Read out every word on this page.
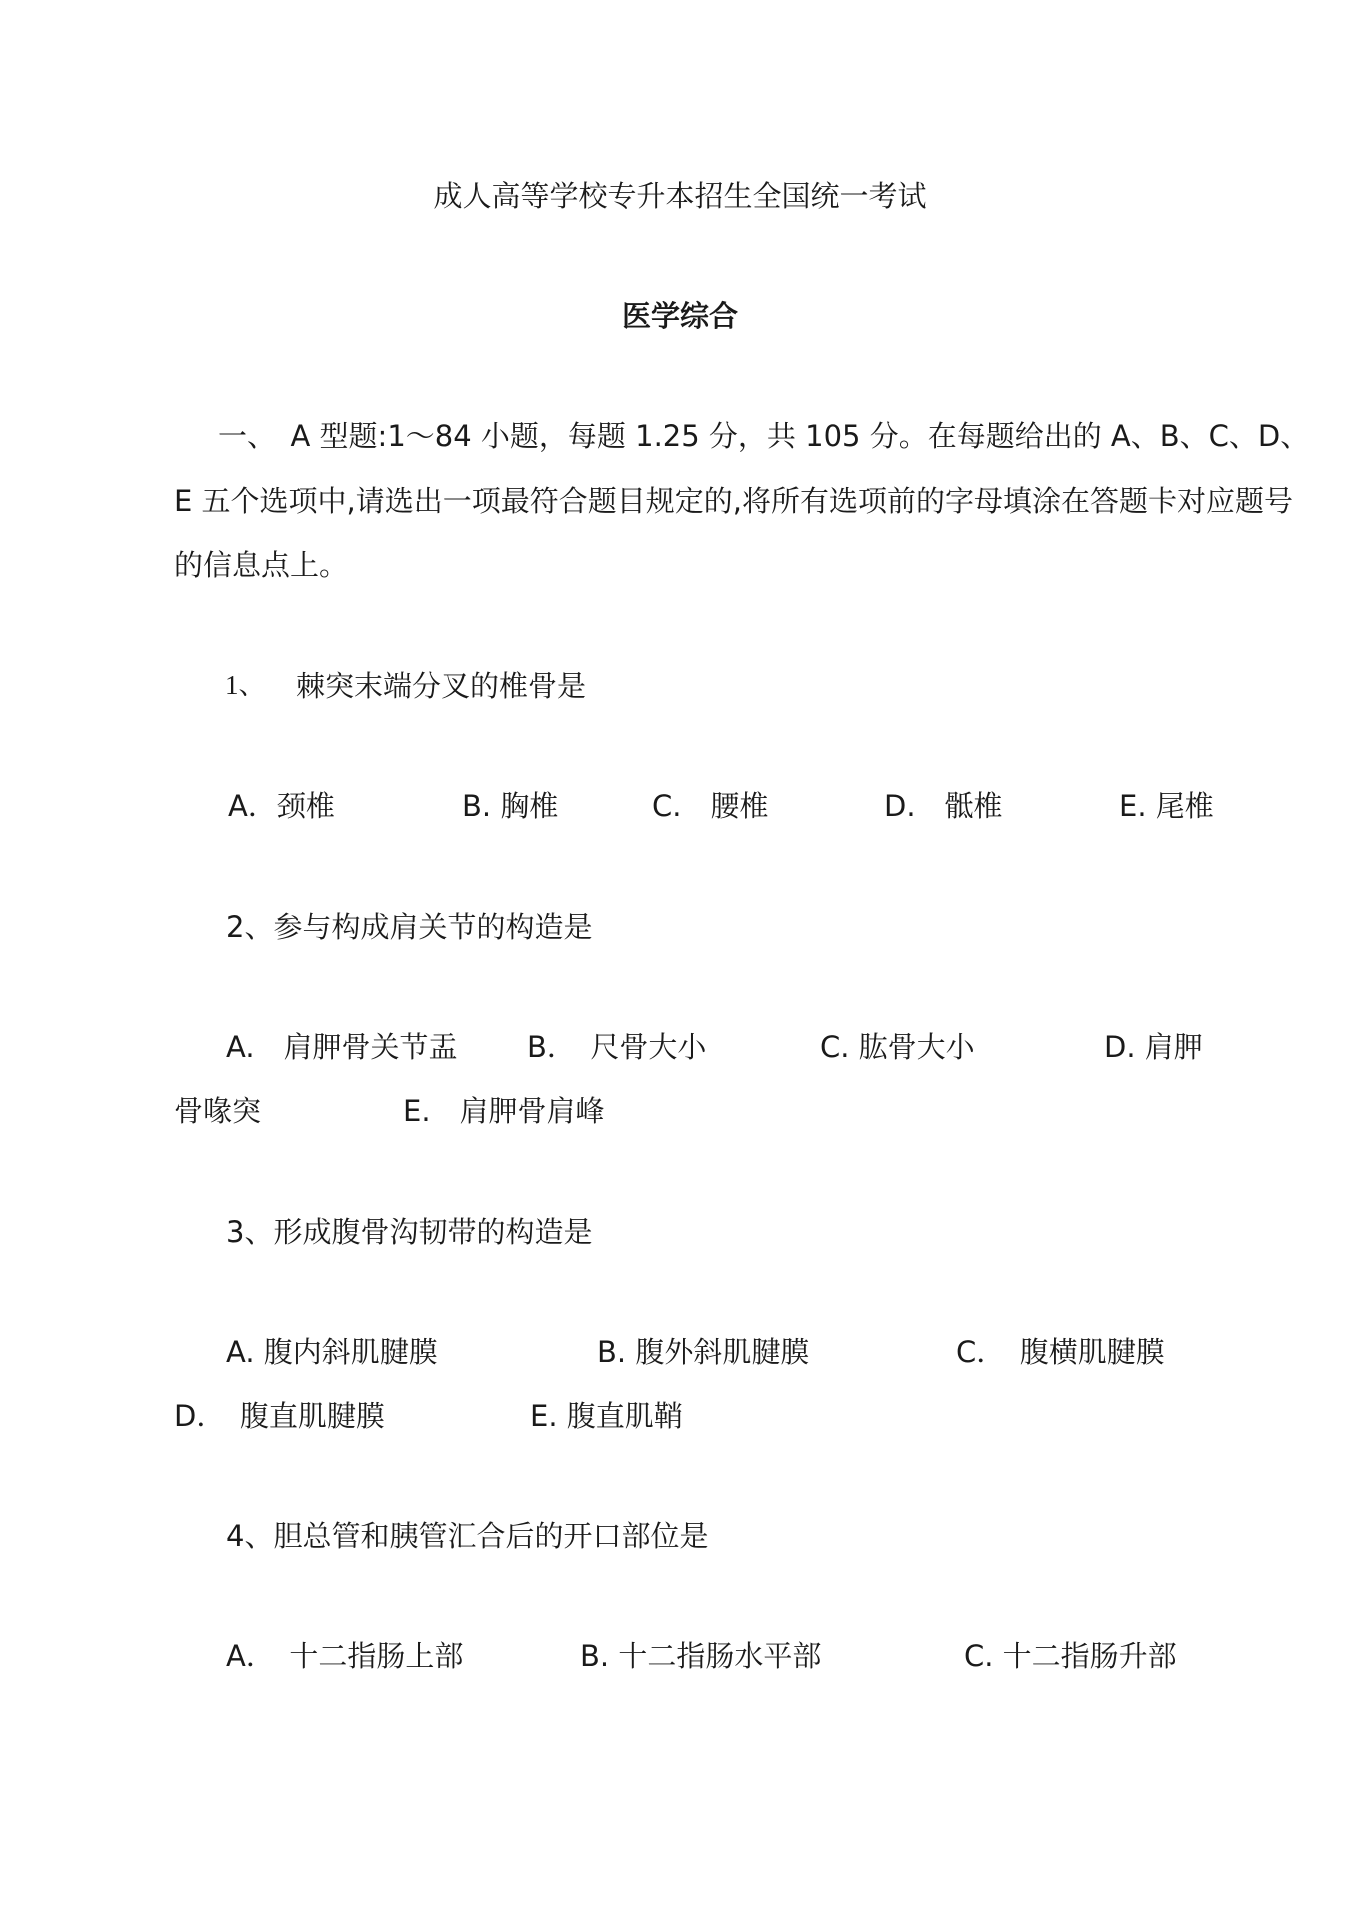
成人高等学校专升本招生全国统一考试
医学综合
一、　A 型题:1～84 小题，每题 1.25 分，共 105 分。在每题给出的 A、B、C、D、
E 五个选项中,请选出一项最符合题目规定的,将所有选项前的字母填涂在答题卡对应题号
的信息点上。
1、 棘突末端分叉的椎骨是
A．颈椎	B. 胸椎	C.　腰椎	D.　骶椎	E. 尾椎
2、参与构成肩关节的构造是
A.　肩胛骨关节盂 B．　尺骨大小	C. 肱骨大小	D. 肩胛
骨喙突	E.　肩胛骨肩峰
3、形成腹骨沟韧带的构造是
A. 腹内斜肌腱膜	B. 腹外斜肌腱膜	C．　腹横肌腱膜
D．　腹直肌腱膜	E. 腹直肌鞘
4、胆总管和胰管汇合后的开口部位是
A．　十二指肠上部	B. 十二指肠水平部	C. 十二指肠升部
